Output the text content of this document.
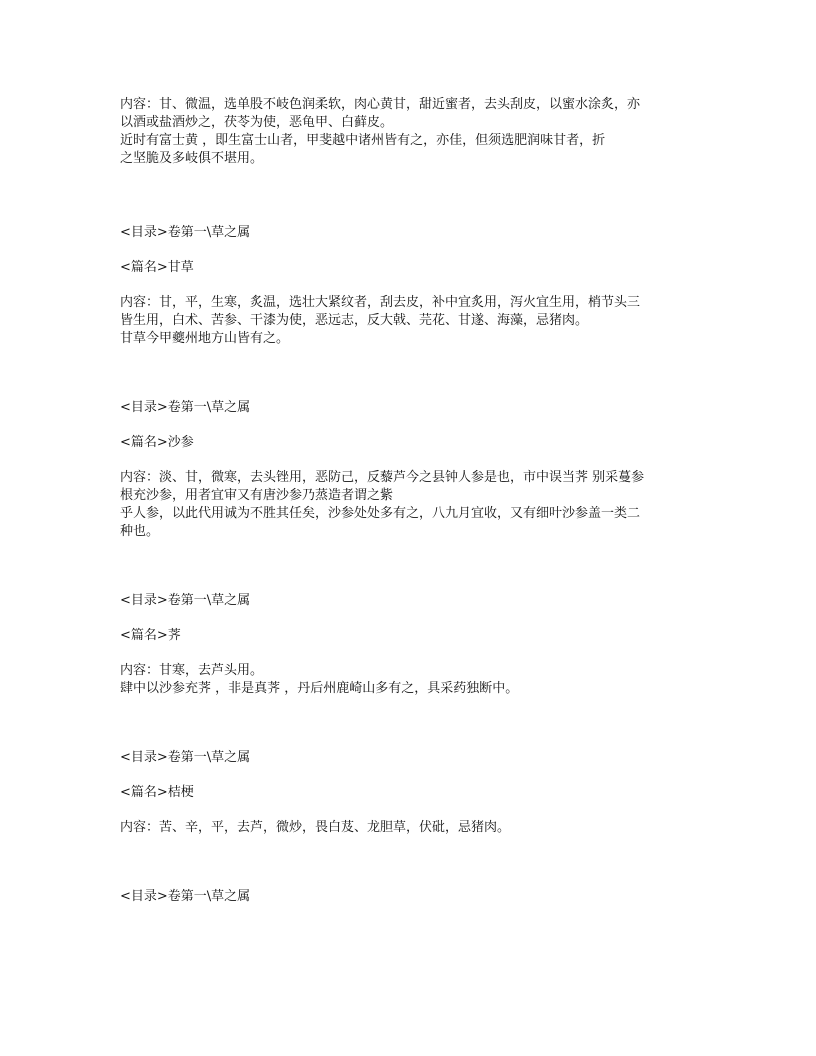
内容：甘、微温，选单股不岐色润柔软，肉心黄甘，甜近蜜者，去头刮皮，以蜜水涂炙，亦
以酒或盐酒炒之，茯苓为使，恶龟甲、白藓皮。
近时有富士黄 ，即生富士山者，甲斐越中诸州皆有之，亦佳，但须选肥润味甘者，折
之坚脆及多岐俱不堪用。
<目录>卷第一\草之属
<篇名>甘草
内容：甘，平，生寒，炙温，选壮大紧纹者，刮去皮，补中宜炙用，泻火宜生用，梢节头三
皆生用，白术、苦参、干漆为使，恶远志，反大戟、芫花、甘遂、海藻，忌猪肉。
甘草今甲夔州地方山皆有之。
<目录>卷第一\草之属
<篇名>沙参
内容：淡、甘，微寒，去头锉用，恶防己，反藜芦今之县钟人参是也，市中误当荠 别采蔓参
根充沙参，用者宜审又有唐沙参乃蒸造者谓之紫
乎人参，以此代用诚为不胜其任矣，沙参处处多有之，八九月宜收，又有细叶沙参盖一类二
种也。
<目录>卷第一\草之属
<篇名>荠
内容：甘寒，去芦头用。
肆中以沙参充荠 ，非是真荠 ，丹后州鹿崎山多有之，具采药独断中。
<目录>卷第一\草之属
<篇名>桔梗
内容：苦、辛，平，去芦，微炒，畏白芨、龙胆草，伏砒，忌猪肉。
<目录>卷第一\草之属
